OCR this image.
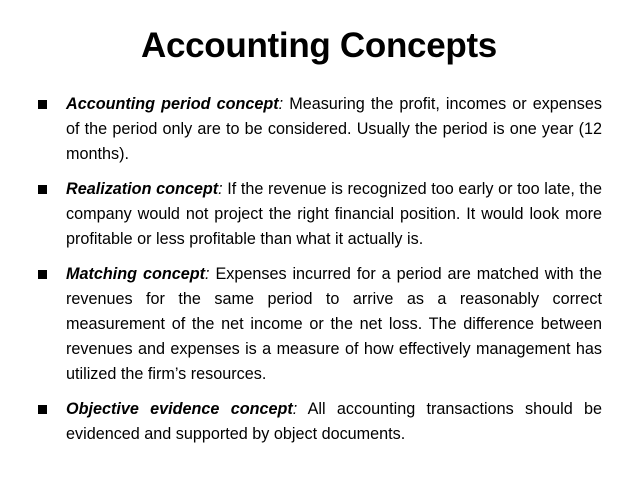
Accounting Concepts
Accounting period concept: Measuring the profit, incomes or expenses of the period only are to be considered. Usually the period is one year (12 months).
Realization concept: If the revenue is recognized too early or too late, the company would not project the right financial position. It would look more profitable or less profitable than what it actually is.
Matching concept: Expenses incurred for a period are matched with the revenues for the same period to arrive as a reasonably correct measurement of the net income or the net loss. The difference between revenues and expenses is a measure of how effectively management has utilized the firm’s resources.
Objective evidence concept: All accounting transactions should be evidenced and supported by object documents.
